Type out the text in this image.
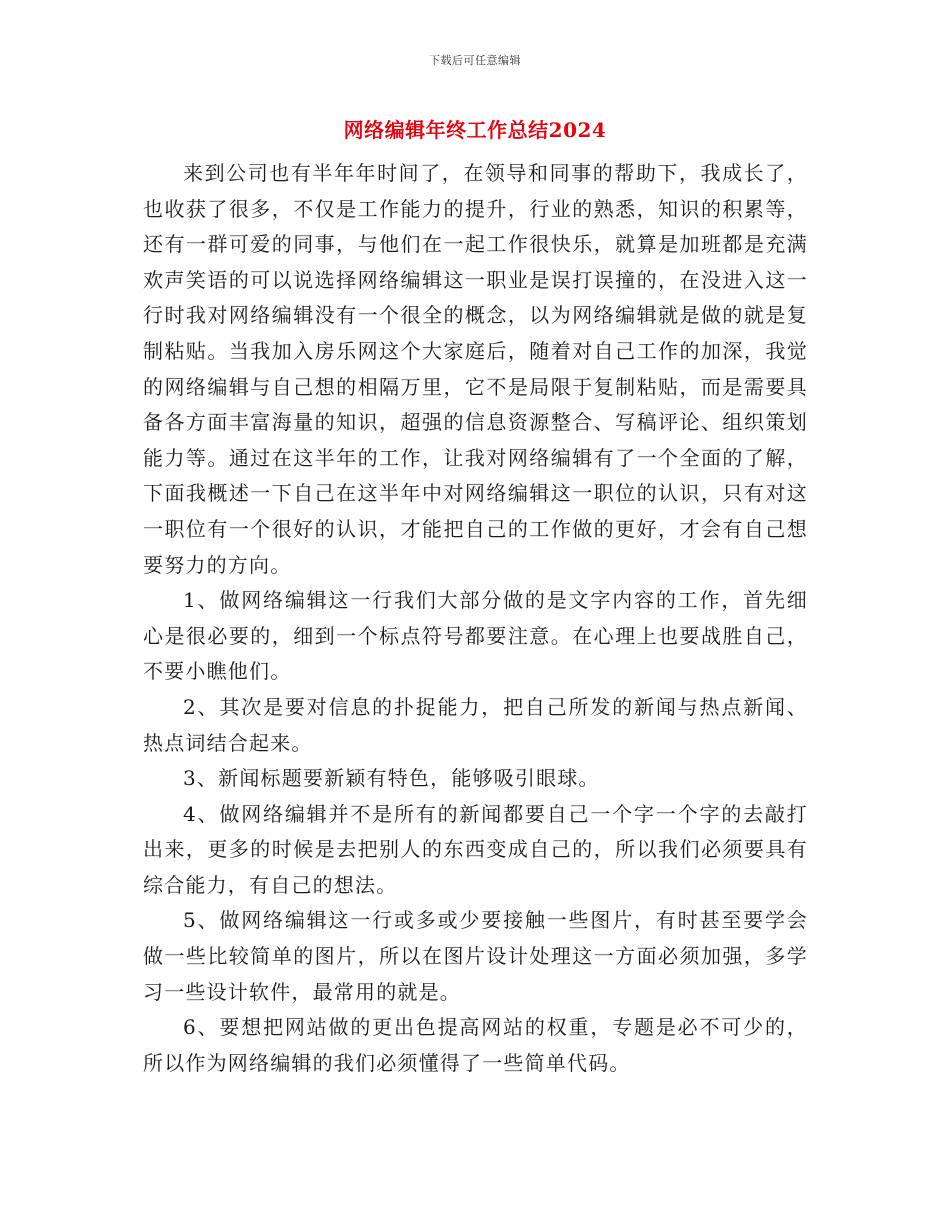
下载后可任意编辑
网络编辑年终工作总结2024

来到公司也有半年年时间了，在领导和同事的帮助下，我成长了，也收获了很多，不仅是工作能力的提升，行业的熟悉，知识的积累等，还有一群可爱的同事，与他们在一起工作很快乐，就算是加班都是充满欢声笑语的可以说选择网络编辑这一职业是误打误撞的，在没进入这一行时我对网络编辑没有一个很全的概念，以为网络编辑就是做的就是复制粘贴。当我加入房乐网这个大家庭后，随着对自己工作的加深，我觉的网络编辑与自己想的相隔万里，它不是局限于复制粘贴，而是需要具备各方面丰富海量的知识，超强的信息资源整合、写稿评论、组织策划能力等。通过在这半年的工作，让我对网络编辑有了一个全面的了解，下面我概述一下自己在这半年中对网络编辑这一职位的认识，只有对这一职位有一个很好的认识，才能把自己的工作做的更好，才会有自己想要努力的方向。

1、做网络编辑这一行我们大部分做的是文字内容的工作，首先细心是很必要的，细到一个标点符号都要注意。在心理上也要战胜自己，不要小瞧他们。

2、其次是要对信息的扑捉能力，把自己所发的新闻与热点新闻、热点词结合起来。

3、新闻标题要新颖有特色，能够吸引眼球。

4、做网络编辑并不是所有的新闻都要自己一个字一个字的去敲打出来，更多的时候是去把别人的东西变成自己的，所以我们必须要具有综合能力，有自己的想法。

5、做网络编辑这一行或多或少要接触一些图片，有时甚至要学会做一些比较简单的图片，所以在图片设计处理这一方面必须加强，多学习一些设计软件，最常用的就是。

6、要想把网站做的更出色提高网站的权重，专题是必不可少的，所以作为网络编辑的我们必须懂得了一些简单代码。
